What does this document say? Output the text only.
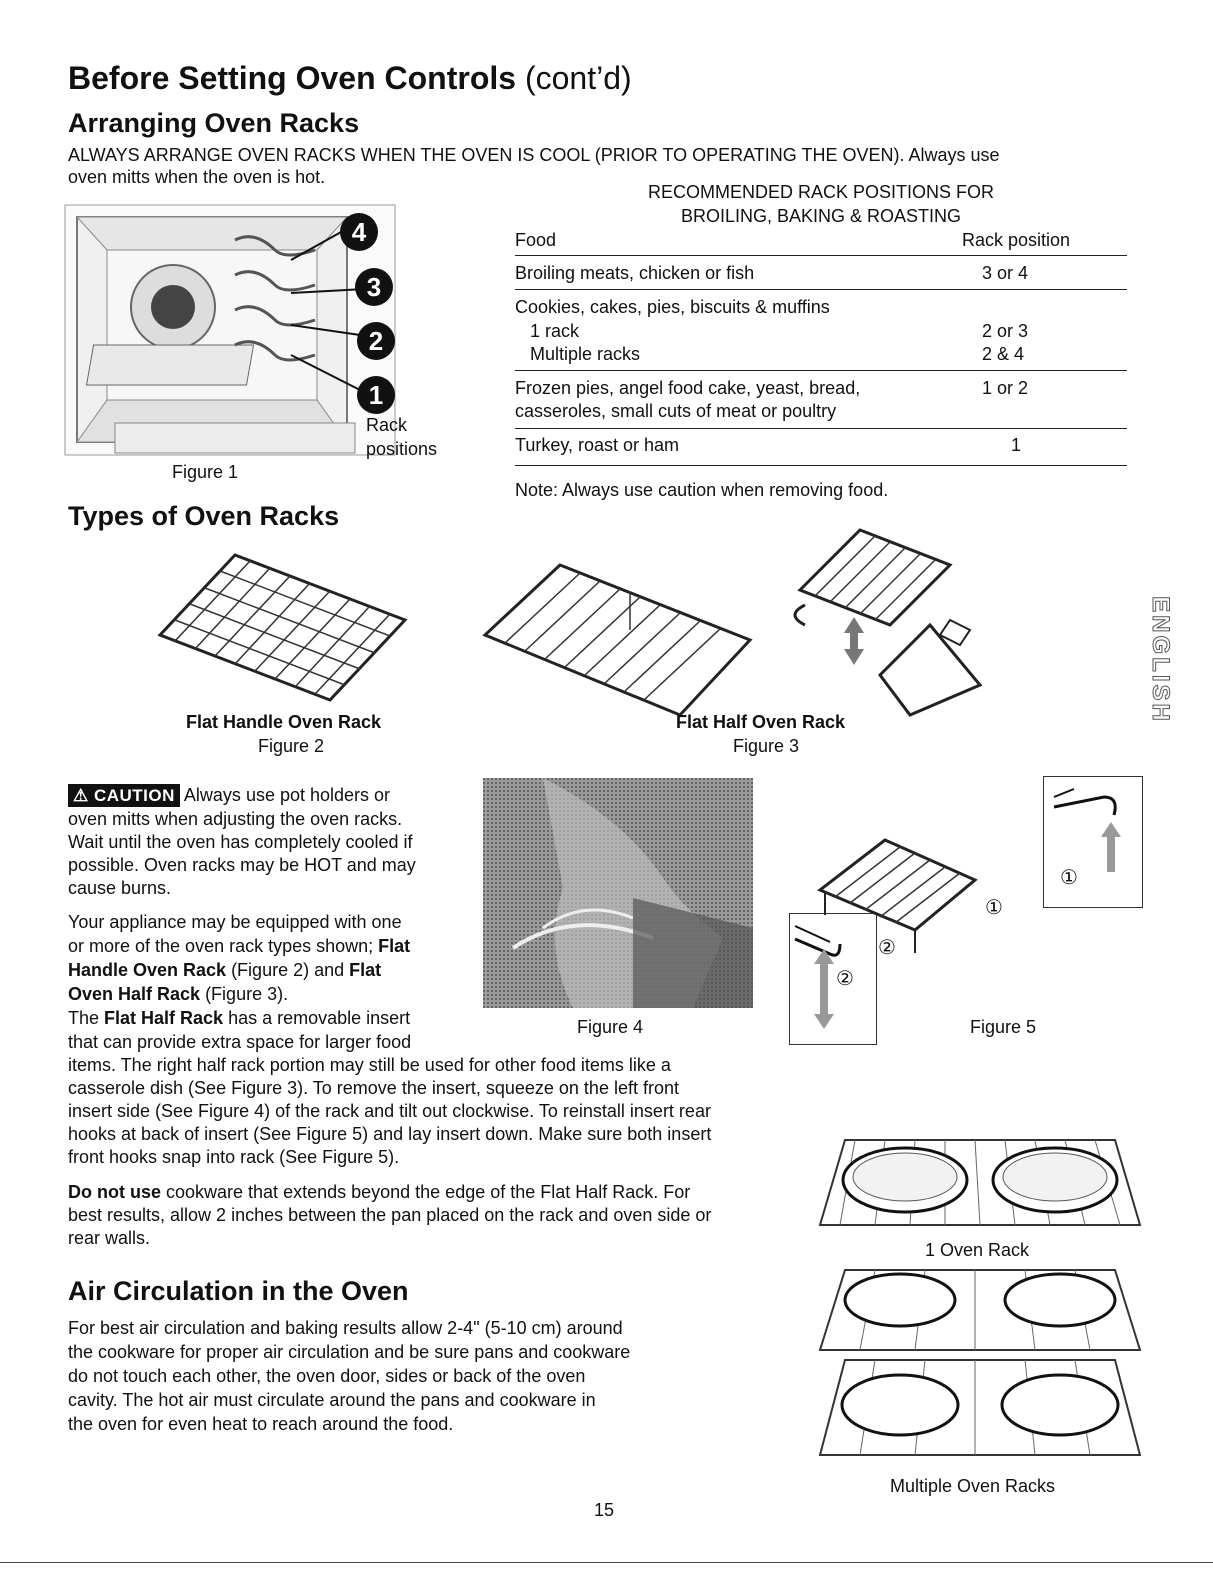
Before Setting Oven Controls (cont’d)
Arranging Oven Racks
ALWAYS ARRANGE OVEN RACKS WHEN THE OVEN IS COOL (PRIOR TO OPERATING THE OVEN). Always use
oven mitts when the oven is hot.
4
3
2
1
Rack
positions
Figure 1
RECOMMENDED RACK POSITIONS FOR
BROILING, BAKING & ROASTING
Food	Rack position
Broiling meats, chicken or fish	3 or 4
Cookies, cakes, pies, biscuits & muffins
1 rack	2 or 3
Multiple racks	2 & 4
Frozen pies, angel food cake, yeast, bread,	1 or 2
casseroles, small cuts of meat or poultry
Turkey, roast or ham	1
Note: Always use caution when removing food.
Types of Oven Racks
Flat Handle Oven Rack
Figure 2
Flat Half Oven Rack
Figure 3
ENGLISH
⚠ CAUTION Always use pot holders or
oven mitts when adjusting the oven racks.
Wait until the oven has completely cooled if
possible. Oven racks may be HOT and may
cause burns.
Your appliance may be equipped with one
or more of the oven rack types shown; Flat
Handle Oven Rack (Figure 2) and Flat
Oven Half Rack (Figure 3).
The Flat Half Rack has a removable insert
that can provide extra space for larger food
items. The right half rack portion may still be used for other food items like a
casserole dish (See Figure 3). To remove the insert, squeeze on the left front
insert side (See Figure 4) of the rack and tilt out clockwise. To reinstall insert rear
hooks at back of insert (See Figure 5) and lay insert down. Make sure both insert
front hooks snap into rack (See Figure 5).
Do not use cookware that extends beyond the edge of the Flat Half Rack. For
best results, allow 2 inches between the pan placed on the rack and oven side or
rear walls.
Figure 4
①
②
①
②
Figure 5
1 Oven Rack
Multiple Oven Racks
Air Circulation in the Oven
For best air circulation and baking results allow 2-4" (5-10 cm) around
the cookware for proper air circulation and be sure pans and cookware
do not touch each other, the oven door, sides or back of the oven
cavity. The hot air must circulate around the pans and cookware in
the oven for even heat to reach around the food.
15
